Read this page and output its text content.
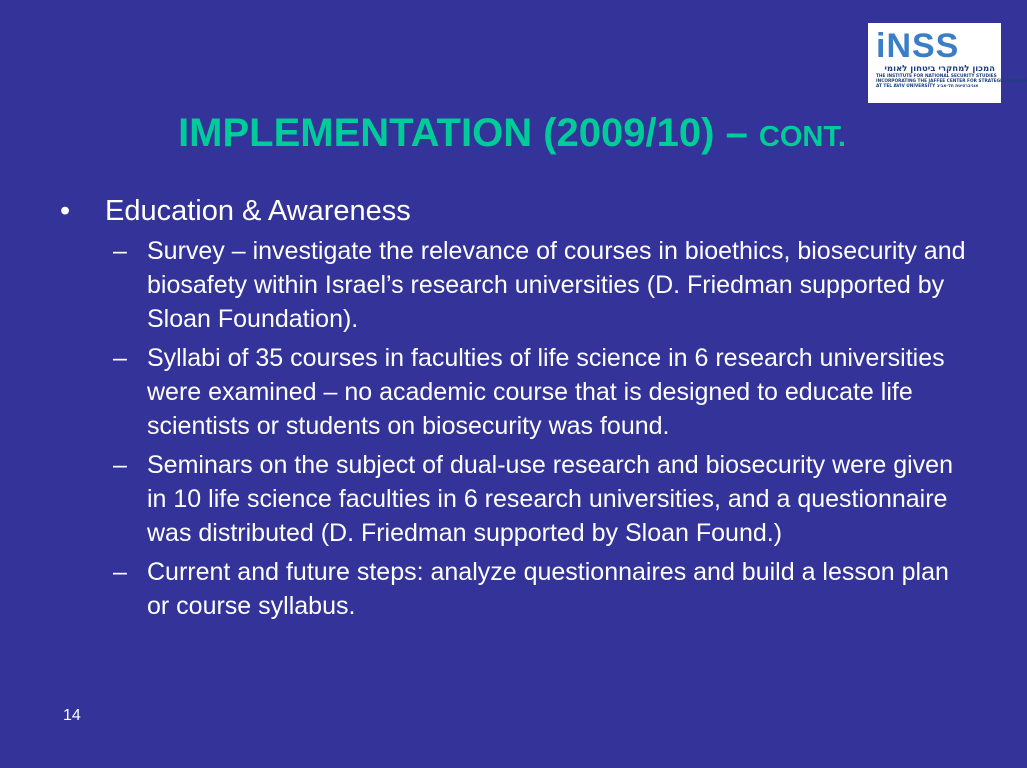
iNSS
המכון למחקרי ביטחון לאומי
THE INSTITUTE FOR NATIONAL SECURITY STUDIES
INCORPORATING THE JAFFEE CENTER FOR STRATEGIC STUDIES
AT TEL AVIV UNIVERSITY אוניברסיטת תל-אביב
IMPLEMENTATION (2009/10) – CONT.
•	Education & Awareness
– Survey – investigate the relevance of courses in bioethics, biosecurity and biosafety within Israel’s research universities (D. Friedman supported by Sloan Foundation).
– Syllabi of 35 courses in faculties of life science in 6 research universities were examined – no academic course that is designed to educate life scientists or students on biosecurity was found.
– Seminars on the subject of dual-use research and biosecurity were given in 10 life science faculties in 6 research universities, and a questionnaire was distributed (D. Friedman supported by Sloan Found.)
– Current and future steps: analyze questionnaires and build a lesson plan or course syllabus.
14
